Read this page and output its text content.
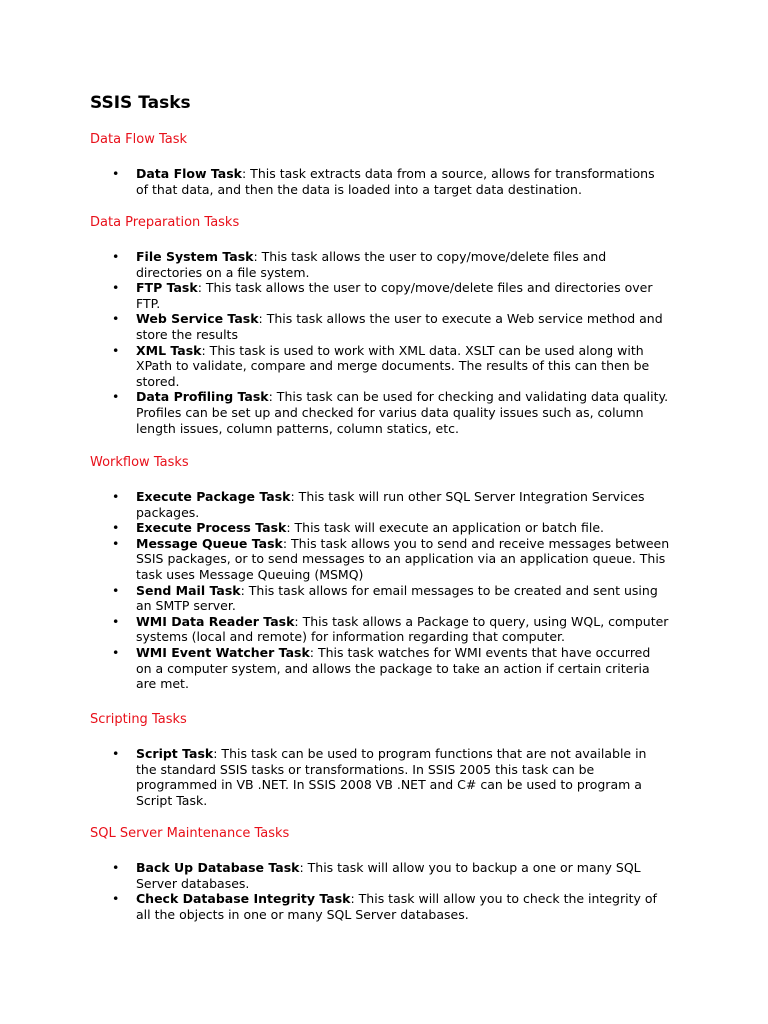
SSIS Tasks
Data Flow Task
•	Data Flow Task: This task extracts data from a source, allows for transformations
of that data, and then the data is loaded into a target data destination.
Data Preparation Tasks
•	File System Task: This task allows the user to copy/move/delete files and
directories on a file system.
•	FTP Task: This task allows the user to copy/move/delete files and directories over
FTP.
•	Web Service Task: This task allows the user to execute a Web service method and
store the results
•	XML Task: This task is used to work with XML data. XSLT can be used along with
XPath to validate, compare and merge documents. The results of this can then be
stored.
•	Data Profiling Task: This task can be used for checking and validating data quality.
Profiles can be set up and checked for varius data quality issues such as, column
length issues, column patterns, column statics, etc.
Workflow Tasks
•	Execute Package Task: This task will run other SQL Server Integration Services
packages.
•	Execute Process Task: This task will execute an application or batch file.
•	Message Queue Task: This task allows you to send and receive messages between
SSIS packages, or to send messages to an application via an application queue. This
task uses Message Queuing (MSMQ)
•	Send Mail Task: This task allows for email messages to be created and sent using
an SMTP server.
•	WMI Data Reader Task: This task allows a Package to query, using WQL, computer
systems (local and remote) for information regarding that computer.
•	WMI Event Watcher Task: This task watches for WMI events that have occurred
on a computer system, and allows the package to take an action if certain criteria
are met.
Scripting Tasks
•	Script Task: This task can be used to program functions that are not available in
the standard SSIS tasks or transformations. In SSIS 2005 this task can be
programmed in VB .NET. In SSIS 2008 VB .NET and C# can be used to program a
Script Task.
SQL Server Maintenance Tasks
•	Back Up Database Task: This task will allow you to backup a one or many SQL
Server databases.
•	Check Database Integrity Task: This task will allow you to check the integrity of
all the objects in one or many SQL Server databases.
